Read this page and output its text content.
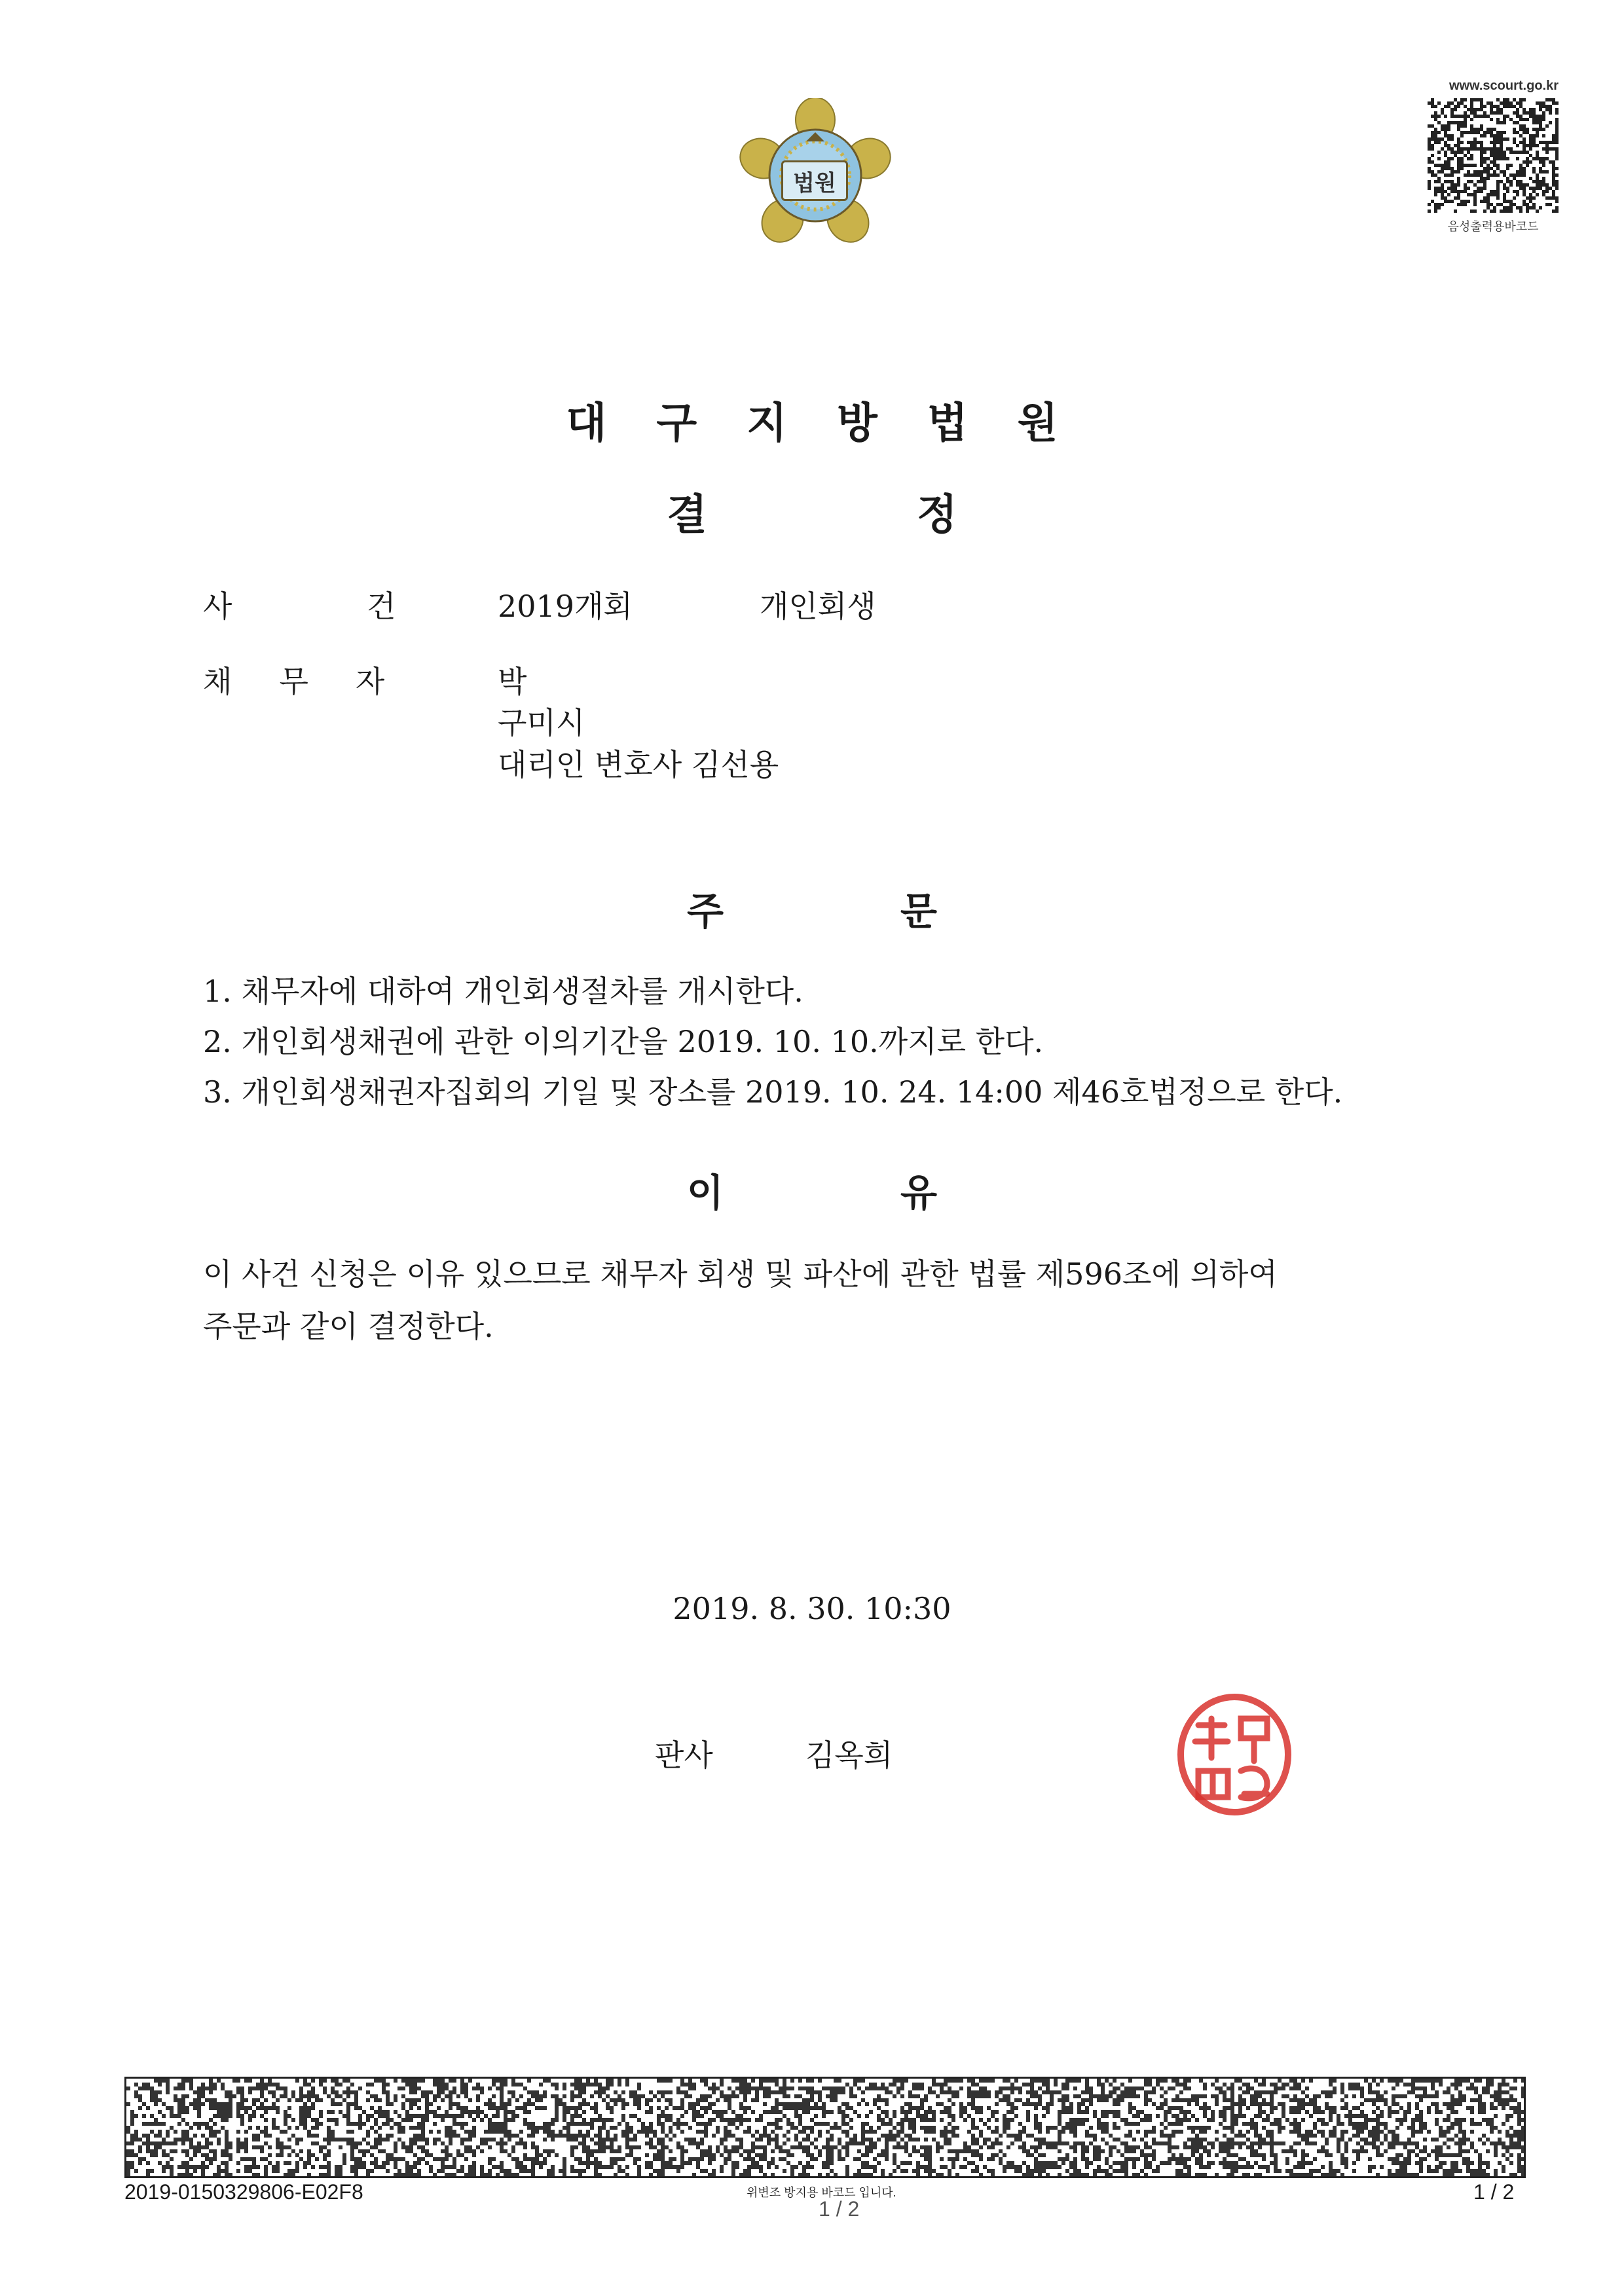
법원
www.scourt.go.kr
음성출력용바코드
대 구 지 방 법 원
결	정
사	건	2019개회	개인회생
채 무 자	박
구미시
대리인 변호사 김선용
주	문
1. 채무자에 대하여 개인회생절차를 개시한다.
2. 개인회생채권에 관한 이의기간을 2019. 10. 10.까지로 한다.
3. 개인회생채권자집회의 기일 및 장소를 2019. 10. 24. 14:00 제46호법정으로 한다.
이	유
이 사건 신청은 이유 있으므로 채무자 회생 및 파산에 관한 법률 제596조에 의하여
주문과 같이 결정한다.
2019. 8. 30. 10:30
판사	김옥희
2019-0150329806-E02F8	위변조 방지용 바코드 입니다.
1 / 2
1 / 2
